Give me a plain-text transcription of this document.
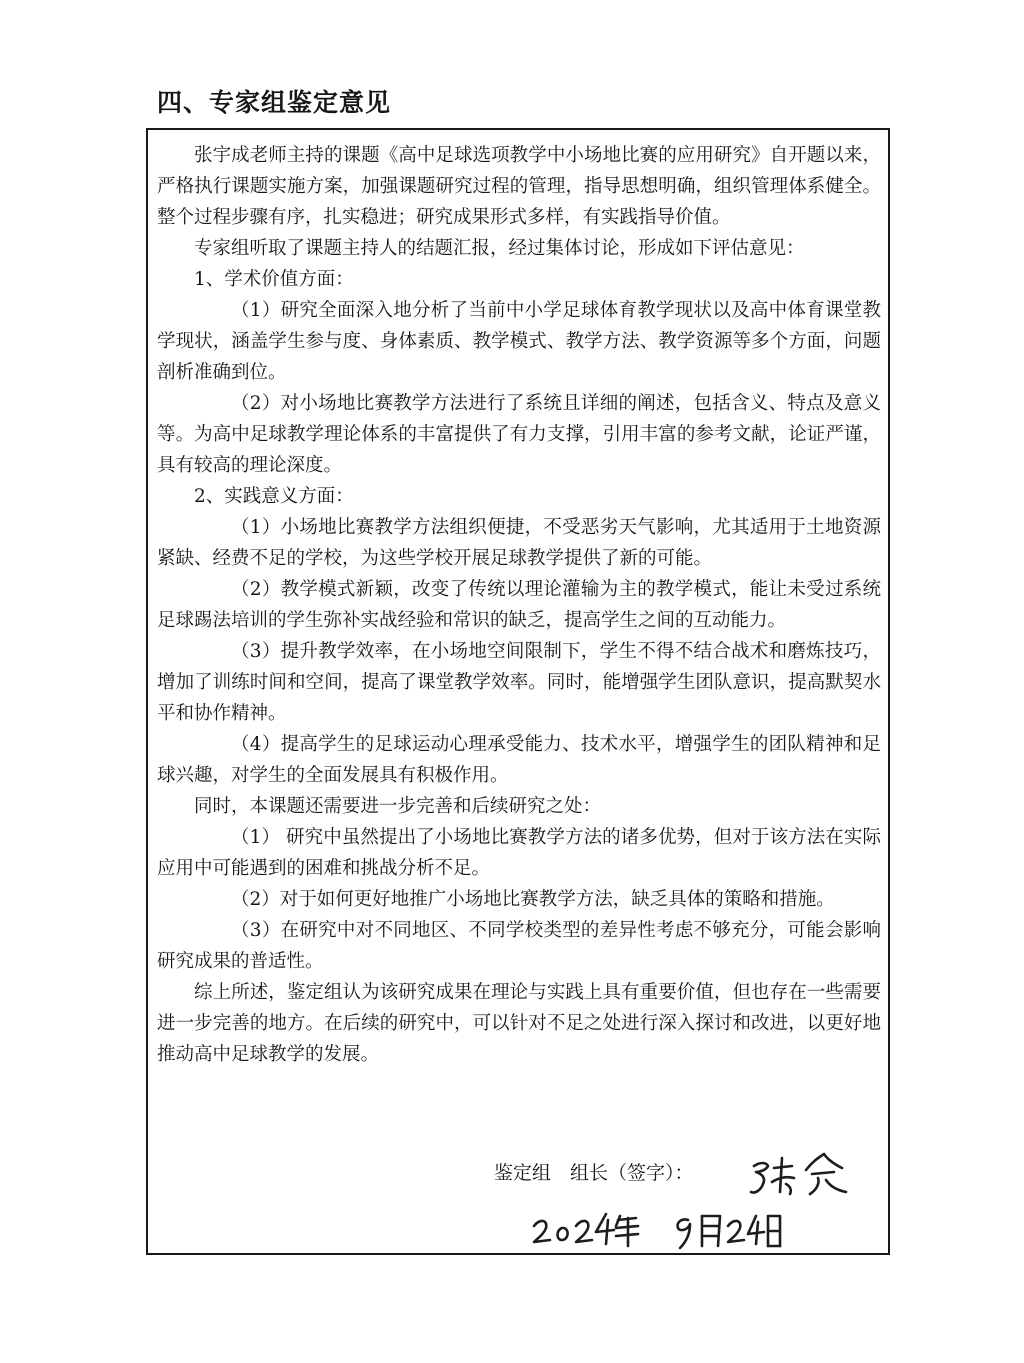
四、专家组鉴定意见

张宇成老师主持的课题《高中足球选项教学中小场地比赛的应用研究》自开题以来，严格执行课题实施方案，加强课题研究过程的管理，指导思想明确，组织管理体系健全。整个过程步骤有序，扎实稳进；研究成果形式多样，有实践指导价值。

专家组听取了课题主持人的结题汇报，经过集体讨论，形成如下评估意见：

1、学术价值方面：

（1）研究全面深入地分析了当前中小学足球体育教学现状以及高中体育课堂教学现状，涵盖学生参与度、身体素质、教学模式、教学方法、教学资源等多个方面，问题剖析准确到位。

（2）对小场地比赛教学方法进行了系统且详细的阐述，包括含义、特点及意义等。为高中足球教学理论体系的丰富提供了有力支撑，引用丰富的参考文献，论证严谨，具有较高的理论深度。

2、实践意义方面：

（1）小场地比赛教学方法组织便捷，不受恶劣天气影响，尤其适用于土地资源紧缺、经费不足的学校，为这些学校开展足球教学提供了新的可能。

（2）教学模式新颖，改变了传统以理论灌输为主的教学模式，能让未受过系统足球踢法培训的学生弥补实战经验和常识的缺乏，提高学生之间的互动能力。

（3）提升教学效率，在小场地空间限制下，学生不得不结合战术和磨炼技巧，增加了训练时间和空间，提高了课堂教学效率。同时，能增强学生团队意识，提高默契水平和协作精神。

（4）提高学生的足球运动心理承受能力、技术水平，增强学生的团队精神和足球兴趣，对学生的全面发展具有积极作用。

同时，本课题还需要进一步完善和后续研究之处：

（1） 研究中虽然提出了小场地比赛教学方法的诸多优势，但对于该方法在实际应用中可能遇到的困难和挑战分析不足。

（2）对于如何更好地推广小场地比赛教学方法，缺乏具体的策略和措施。

（3）在研究中对不同地区、不同学校类型的差异性考虑不够充分，可能会影响研究成果的普适性。

综上所述，鉴定组认为该研究成果在理论与实践上具有重要价值，但也存在一些需要进一步完善的地方。在后续的研究中，可以针对不足之处进行深入探讨和改进，以更好地推动高中足球教学的发展。

鉴定组　组长（签字）：
